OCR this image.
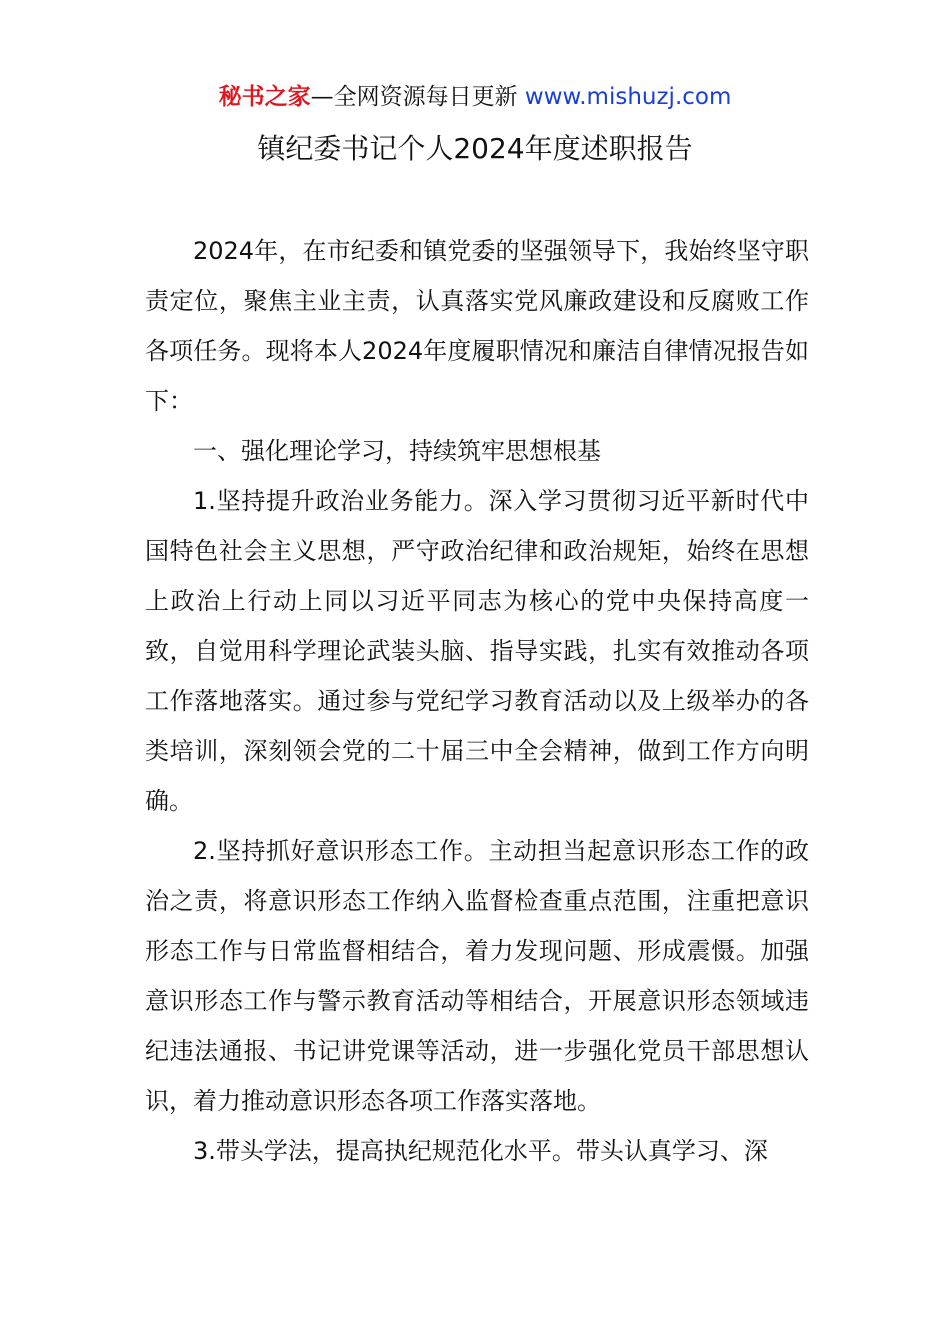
秘书之家—全网资源每日更新 www.mishuzj.com
镇纪委书记个人2024年度述职报告

2024年，在市纪委和镇党委的坚强领导下，我始终坚守职责定位，聚焦主业主责，认真落实党风廉政建设和反腐败工作各项任务。现将本人2024年度履职情况和廉洁自律情况报告如下：

一、强化理论学习，持续筑牢思想根基

1.坚持提升政治业务能力。深入学习贯彻习近平新时代中国特色社会主义思想，严守政治纪律和政治规矩，始终在思想上政治上行动上同以习近平同志为核心的党中央保持高度一致，自觉用科学理论武装头脑、指导实践，扎实有效推动各项工作落地落实。通过参与党纪学习教育活动以及上级举办的各类培训，深刻领会党的二十届三中全会精神，做到工作方向明确。

2.坚持抓好意识形态工作。主动担当起意识形态工作的政治之责，将意识形态工作纳入监督检查重点范围，注重把意识形态工作与日常监督相结合，着力发现问题、形成震慑。加强意识形态工作与警示教育活动等相结合，开展意识形态领域违纪违法通报、书记讲党课等活动，进一步强化党员干部思想认识，着力推动意识形态各项工作落实落地。

3.带头学法，提高执纪规范化水平。带头认真学习、深
